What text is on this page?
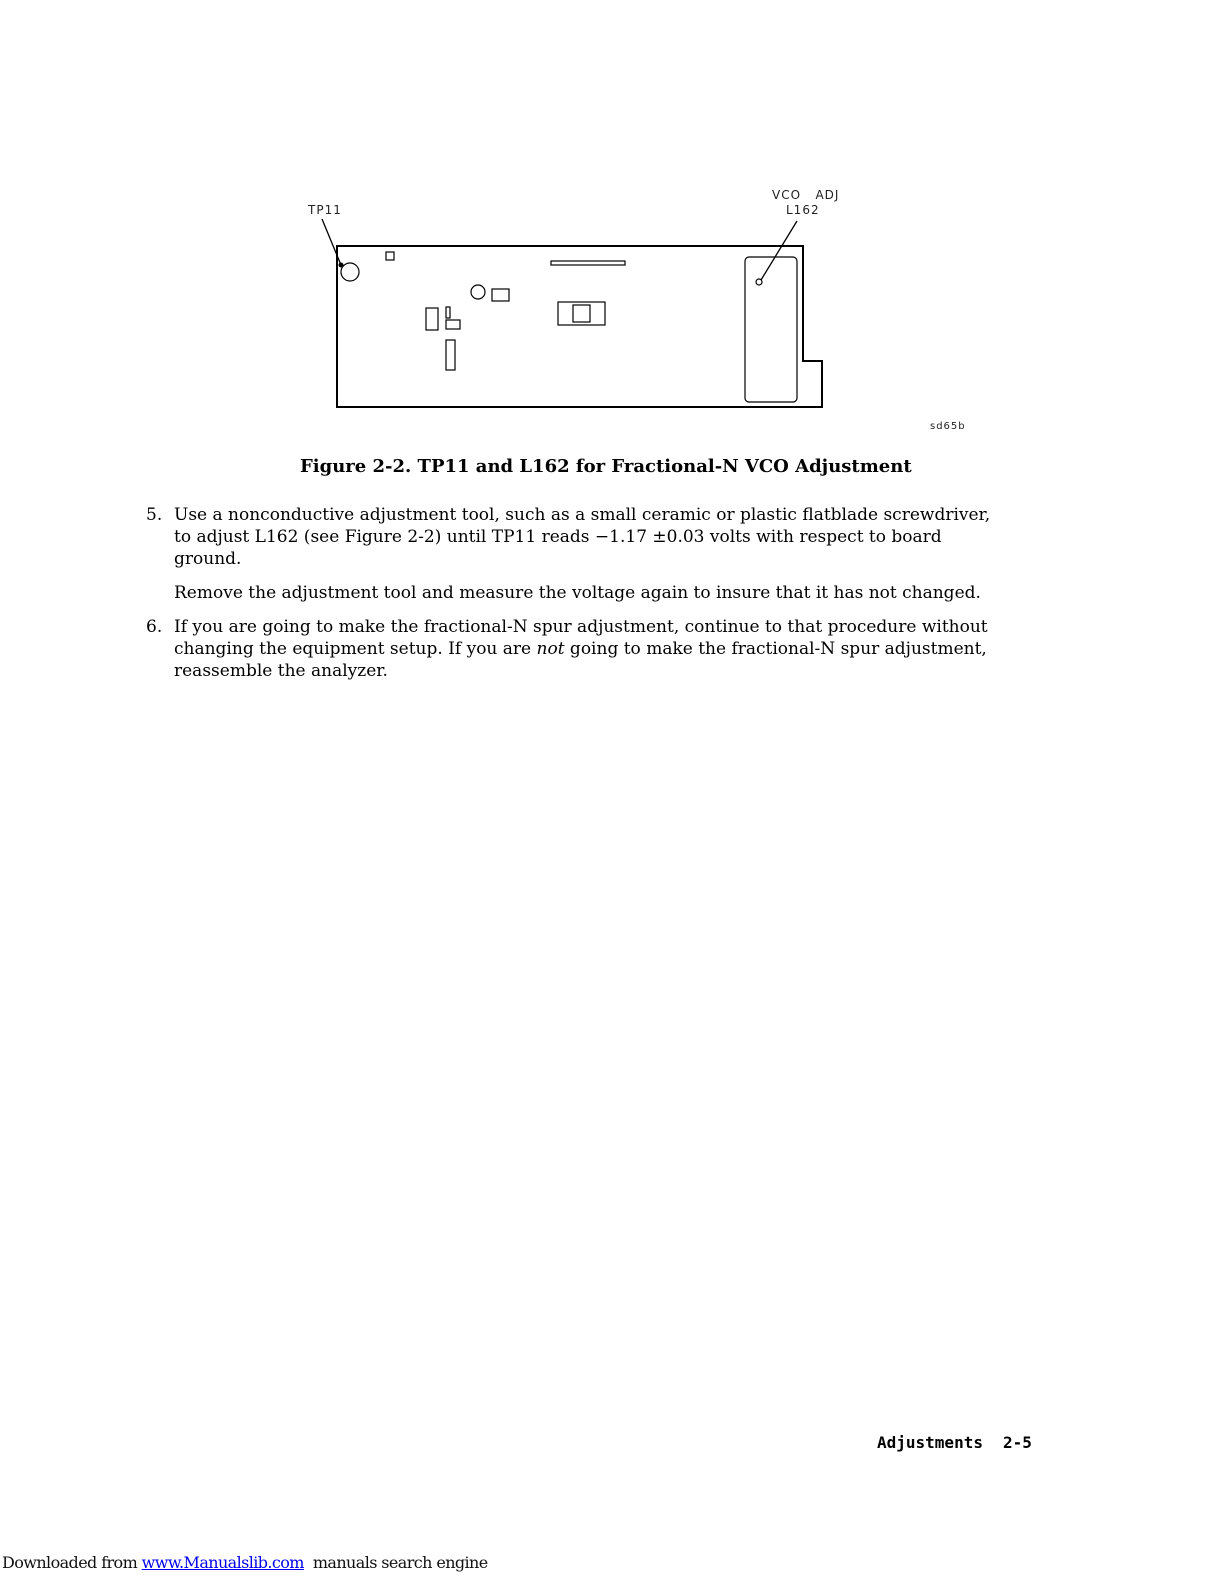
TP11
VCO   ADJ
L162
sd65b
Figure 2-2. TP11 and L162 for Fractional-N VCO Adjustment
5. Use a nonconductive adjustment tool, such as a small ceramic or plastic flatblade screwdriver, to adjust L162 (see Figure 2-2) until TP11 reads −1.17 ±0.03 volts with respect to board ground.

Remove the adjustment tool and measure the voltage again to insure that it has not changed.

6. If you are going to make the fractional-N spur adjustment, continue to that procedure without changing the equipment setup. If you are not going to make the fractional-N spur adjustment, reassemble the analyzer.

Adjustments 2-5
Downloaded from www.Manualslib.com  manuals search engine
